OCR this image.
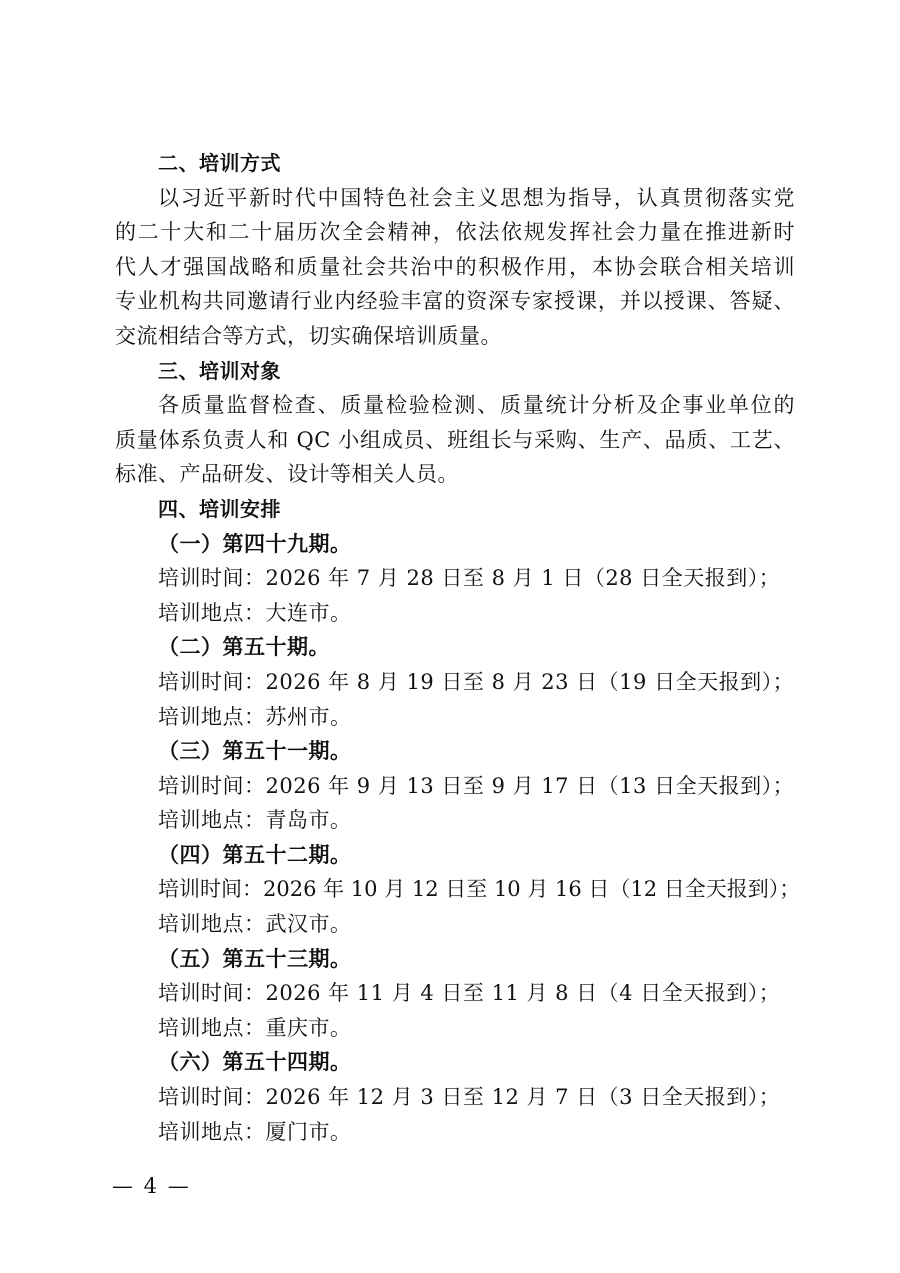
二、培训方式
以习近平新时代中国特色社会主义思想为指导，认真贯彻落实党
的二十大和二十届历次全会精神，依法依规发挥社会力量在推进新时
代人才强国战略和质量社会共治中的积极作用，本协会联合相关培训
专业机构共同邀请行业内经验丰富的资深专家授课，并以授课、答疑、
交流相结合等方式，切实确保培训质量。
三、培训对象
各质量监督检查、质量检验检测、质量统计分析及企事业单位的
质量体系负责人和 QC 小组成员、班组长与采购、生产、品质、工艺、
标准、产品研发、设计等相关人员。
四、培训安排
（一）第四十九期。
培训时间：2026 年 7 月 28 日至 8 月 1 日（28 日全天报到）；
培训地点：大连市。
（二）第五十期。
培训时间：2026 年 8 月 19 日至 8 月 23 日（19 日全天报到）；
培训地点：苏州市。
（三）第五十一期。
培训时间：2026 年 9 月 13 日至 9 月 17 日（13 日全天报到）；
培训地点：青岛市。
（四）第五十二期。
培训时间：2026 年 10 月 12 日至 10 月 16 日（12 日全天报到）；
培训地点：武汉市。
（五）第五十三期。
培训时间：2026 年 11 月 4 日至 11 月 8 日（4 日全天报到）；
培训地点：重庆市。
（六）第五十四期。
培训时间：2026 年 12 月 3 日至 12 月 7 日（3 日全天报到）；
培训地点：厦门市。
— 4 —
